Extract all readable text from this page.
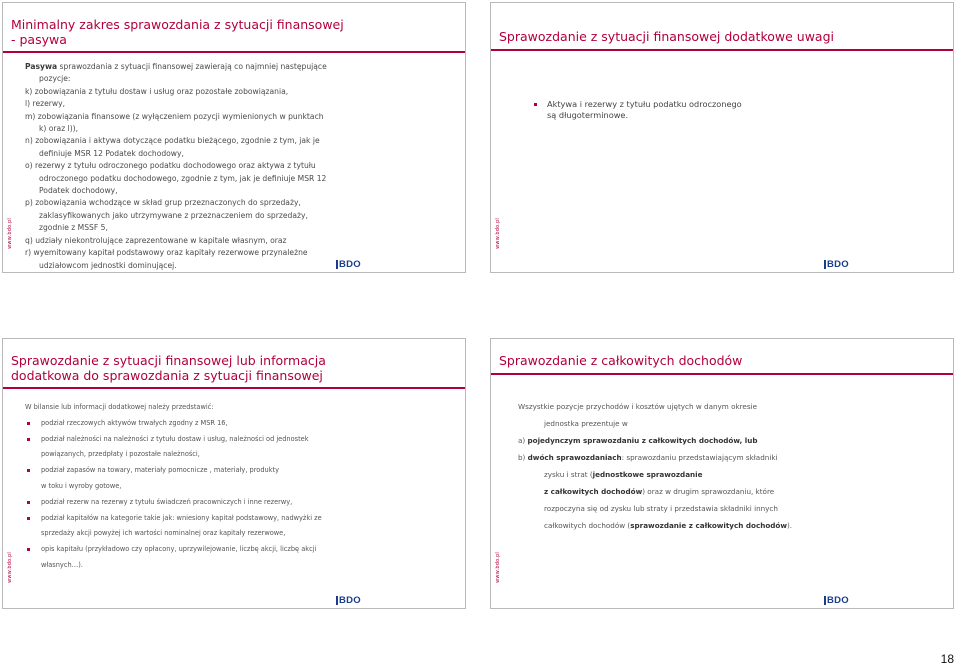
Minimalny zakres sprawozdania z sytuacji finansowej
- pasywa

Pasywa sprawozdania z sytuacji finansowej zawierają co najmniej następujące

pozycje:

k) zobowiązania z tytułu dostaw i usług oraz pozostałe zobowiązania,

l) rezerwy,

m) zobowiązania finansowe (z wyłączeniem pozycji wymienionych w punktach

k) oraz l)),

n) zobowiązania i aktywa dotyczące podatku bieżącego, zgodnie z tym, jak je

definiuje MSR 12 Podatek dochodowy,

o) rezerwy z tytułu odroczonego podatku dochodowego oraz aktywa z tytułu

odroczonego podatku dochodowego, zgodnie z tym, jak je definiuje MSR 12

Podatek dochodowy,

p) zobowiązania wchodzące w skład grup przeznaczonych do sprzedaży,

zaklasyfikowanych jako utrzymywane z przeznaczeniem do sprzedaży,

zgodnie z MSSF 5,

q) udziały niekontrolujące zaprezentowane w kapitale własnym, oraz

r) wyemitowany kapitał podstawowy oraz kapitały rezerwowe przynależne

udziałowcom jednostki dominującej.

www.bdo.pl
BDO
Sprawozdanie z sytuacji finansowej dodatkowe uwagi
Aktywa i rezerwy z tytułu podatku odroczonego
są długoterminowe.
www.bdo.pl
BDO
Sprawozdanie z sytuacji finansowej lub informacja
dodatkowa do sprawozdania z sytuacji finansowej
W bilansie lub informacji dodatkowej należy przedstawić:
podział rzeczowych aktywów trwałych zgodny z MSR 16,
podział należności na należności z tytułu dostaw i usług, należności od jednostek
powiązanych, przedpłaty i pozostałe należności,
podział zapasów na towary, materiały pomocnicze , materiały, produkty
w toku i wyroby gotowe,
podział rezerw na rezerwy z tytułu świadczeń pracowniczych i inne rezerwy,
podział kapitałów na kategorie takie jak: wniesiony kapitał podstawowy, nadwyżki ze
sprzedaży akcji powyżej ich wartości nominalnej oraz kapitały rezerwowe,
opis kapitału (przykładowo czy opłacony, uprzywilejowanie, liczbę akcji, liczbę akcji
własnych…).
www.bdo.pl
BDO
Sprawozdanie z całkowitych dochodów
Wszystkie pozycje przychodów i kosztów ujętych w danym okresie
jednostka prezentuje w
a) pojedynczym sprawozdaniu z całkowitych dochodów, lub
b) dwóch sprawozdaniach: sprawozdaniu przedstawiającym składniki
zysku i strat (jednostkowe sprawozdanie
z całkowitych dochodów) oraz w drugim sprawozdaniu, które
rozpoczyna się od zysku lub straty i przedstawia składniki innych
całkowitych dochodów (sprawozdanie z całkowitych dochodów).
www.bdo.pl
BDO
18
